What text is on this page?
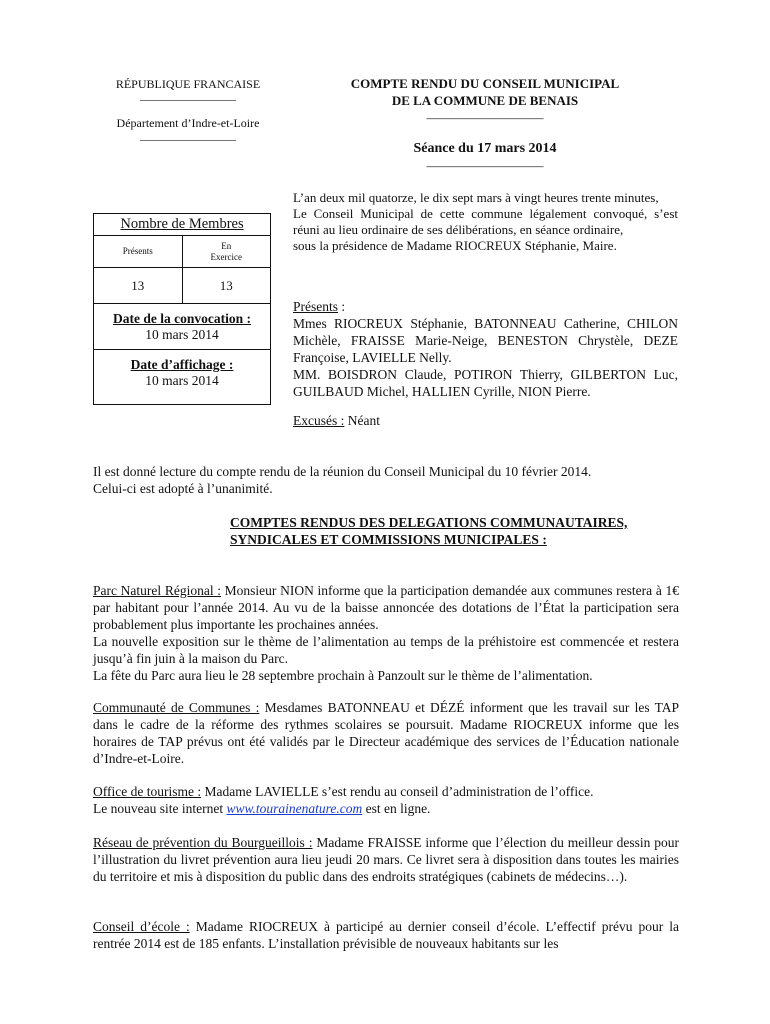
RÉPUBLIQUE FRANCAISE
————————
Département d’Indre-et-Loire
————————
COMPTE RENDU DU CONSEIL MUNICIPAL
DE LA COMMUNE DE BENAIS
—————————
Séance du 17 mars 2014
—————————
Nombre de Membres	
Présents	En
Exercice

13	13

Date de la convocation :
10 mars 2014	

Date d’affichage :
10 mars 2014	
L’an deux mil quatorze, le dix sept mars à vingt heures trente minutes,
Le Conseil Municipal de cette commune légalement convoqué, s’est réuni au lieu ordinaire de ses délibérations, en séance ordinaire,
sous la présidence de Madame RIOCREUX Stéphanie, Maire.
Présents :
Mmes RIOCREUX Stéphanie, BATONNEAU Catherine, CHILON Michèle, FRAISSE Marie-Neige, BENESTON Chrystèle, DEZE Françoise, LAVIELLE Nelly.
MM. BOISDRON Claude, POTIRON Thierry, GILBERTON Luc, GUILBAUD Michel, HALLIEN Cyrille, NION Pierre.
Excusés : Néant
Il est donné lecture du compte rendu de la réunion du Conseil Municipal du 10 février 2014.
Celui-ci est adopté à l’unanimité.
COMPTES RENDUS DES DELEGATIONS COMMUNAUTAIRES, SYNDICALES ET COMMISSIONS MUNICIPALES :
Parc Naturel Régional : Monsieur NION informe que la participation demandée aux communes restera à 1€ par habitant pour l’année 2014. Au vu de la baisse annoncée des dotations de l’État la participation sera probablement plus importante les prochaines années.
La nouvelle exposition sur le thème de l’alimentation au temps de la préhistoire est commencée et restera jusqu’à fin juin à la maison du Parc.
La fête du Parc aura lieu le 28 septembre prochain à Panzoult sur le thème de l’alimentation.
Communauté de Communes : Mesdames BATONNEAU et DÉZÉ informent que les travail sur les TAP dans le cadre de la réforme des rythmes scolaires se poursuit. Madame RIOCREUX informe que les horaires de TAP prévus ont été validés par le Directeur académique des services de l’Éducation nationale d’Indre-et-Loire.
Office de tourisme : Madame LAVIELLE s’est rendu au conseil d’administration de l’office.
Le nouveau site internet www.tourainenature.com est en ligne.
Réseau de prévention du Bourgueillois : Madame FRAISSE informe que l’élection du meilleur dessin pour l’illustration du livret prévention aura lieu jeudi 20 mars. Ce livret sera à disposition dans toutes les mairies du territoire et mis à disposition du public dans des endroits stratégiques (cabinets de médecins…).
Conseil d’école : Madame RIOCREUX à participé au dernier conseil d’école. L’effectif prévu pour la rentrée 2014 est de 185 enfants. L’installation prévisible de nouveaux habitants sur les
